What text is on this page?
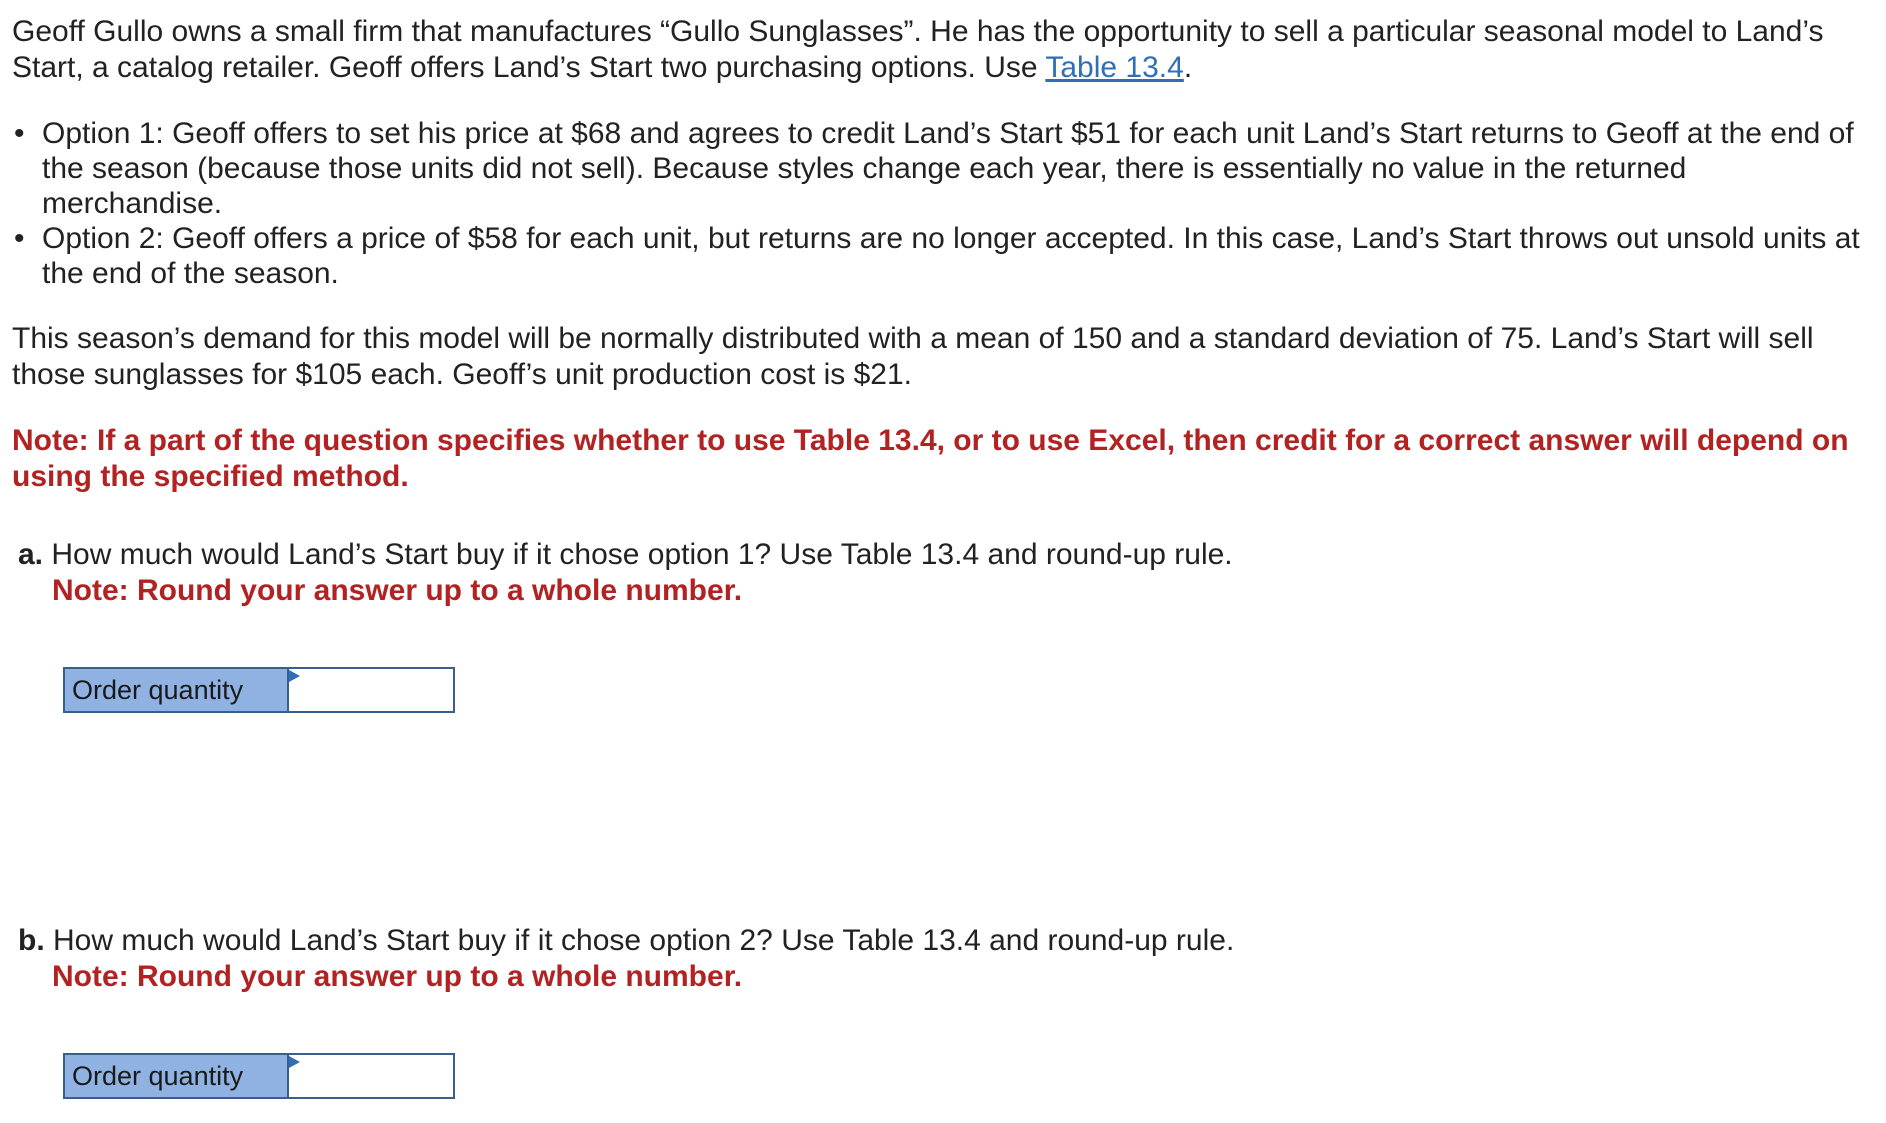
Geoff Gullo owns a small firm that manufactures “Gullo Sunglasses”. He has the opportunity to sell a particular seasonal model to Land’s Start, a catalog retailer. Geoff offers Land’s Start two purchasing options. Use Table 13.4.

• Option 1: Geoff offers to set his price at $68 and agrees to credit Land’s Start $51 for each unit Land’s Start returns to Geoff at the end of the season (because those units did not sell). Because styles change each year, there is essentially no value in the returned merchandise.
• Option 2: Geoff offers a price of $58 for each unit, but returns are no longer accepted. In this case, Land’s Start throws out unsold units at the end of the season.

This season’s demand for this model will be normally distributed with a mean of 150 and a standard deviation of 75. Land’s Start will sell those sunglasses for $105 each. Geoff’s unit production cost is $21.

Note: If a part of the question specifies whether to use Table 13.4, or to use Excel, then credit for a correct answer will depend on using the specified method.

a. How much would Land’s Start buy if it chose option 1? Use Table 13.4 and round-up rule.
Note: Round your answer up to a whole number.
Order quantity
b. How much would Land’s Start buy if it chose option 2? Use Table 13.4 and round-up rule.
Note: Round your answer up to a whole number.
Order quantity
